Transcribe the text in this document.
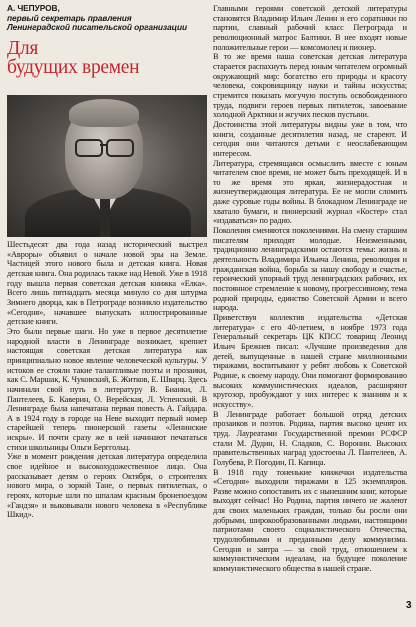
А. ЧЕПУРОВ,
первый секретарь правления
Ленинградской писательской организации
Для
будущих времен

Шестьдесят два года назад исторический выстрел «Авроры» объявил о начале новой эры на Земле. Частицей этого нового была и детская книга. Новая детская книга. Она родилась также над Невой. Уже в 1918 году вышла первая советская детская книжка «Елка». Всего лишь пятнадцать месяца минуло со дня штурма Зимнего дворца, как в Петрограде возникло издательство «Сегодня», начавшее выпускать иллюстрированные детские книги.

Это были первые шаги. Но уже в первое десятилетие народной власти в Ленинграде возникает, крепнет настоящая советская детская литература как принципиально новое явление человеческой культуры. У истоков ее стояли такие талантливые поэты и прозаики, как С. Маршак, К. Чуковский, Б. Житков, Е. Шварц. Здесь начинали свой путь в литературу В. Бианки, Л. Пантелеев, Б. Каверин, О. Верейская, Л. Успенский. В Ленинграде была напечатана первая повесть А. Гайдара. А в 1924 году в городе на Неве выходит первый номер старейшей теперь пионерской газеты «Ленинские искры». И почти сразу же в ней начинают печататься стихи школьницы Ольги Берггольц.

Уже в момент рождения детская литература определила свое идейное и высокохудожественное лицо. Она рассказывает детям о героях Октября, о строителях нового мира, о зоркой Тане, о первых пятилетках, о героях, которые шли по шпалам красным бронепоездом «Гандзя» и выковывали нового человека в «Республике Шкид».

Главными героями советской детской литературы становятся Владимир Ильич Ленин и его соратники по партии, славный рабочий класс Петрограда и революционный матрос Балтики. В нее входят новые положительные герои — комсомолец и пионер.

В то же время наша советская детская литература старается распахнуть перед юным читателем огромный окружающий мир: богатство его природы и красоту человека, сокровищницу науки и тайны искусства; стремится показать могучую поступь освобожденного труда, подвиги героев первых пятилеток, завоевание холодной Арктики и жгучих песков пустыни.

Достоинства этой литературы видны уже в том, что книги, созданные десятилетия назад, не стареют. И сегодня они читаются детьми с неослабевающим интересом.

Литература, стремящаяся осмыслить вместе с юным читателем свое время, не может быть преходящей. И в то же время это яркая, жизнерадостная и жизнеутверждающая литература. Ее не могли сломить даже суровые годы войны. В блокадном Ленинграде не хватало бумаги, и пионерский журнал «Костер» стал «издаваться» по радио.

Поколения сменяются поколениями. На смену старшим писателям приходят молодые. Неизменными, традиционно ленинградскими остаются темы: жизнь и деятельность Владимира Ильича Ленина, революция и гражданская война, борьба за нашу свободу и счастье, героический упорный труд ленинградских рабочих, их постоянное стремление к новому, прогрессивному, тема родной природы, единство Советской Армии и всего народа.

Приветствуя коллектив издательства «Детская литература» с его 40-летием, в ноябре 1973 года Генеральный секретарь ЦК КПСС товарищ Леонид Ильич Брежнев писал: «Лучшие произведения для детей, выпущенные в нашей стране миллионными тиражами, воспитывают у ребят любовь к Советской Родине, к своему народу. Они помогают формированию высоких коммунистических идеалов, расширяют кругозор, пробуждают у них интерес к знаниям и к искусству».

В Ленинграде работает большой отряд детских прозаиков и поэтов. Родина, партия высоко ценят их труд. Лауреатами Государственной премии РСФСР стали М. Дудин, Н. Сладков, С. Воронин. Высоких правительственных наград удостоены Л. Пантелеев, А. Голубева, Р. Погодин, П. Капица.

В 1918 году тоненькие книжечки издательства «Сегодня» выходили тиражами в 125 экземпляров. Разве можно сопоставить их с нынешним книг, которые выходят сейчас! Но Родина, партия ничего не жалеют для своих маленьких граждан, только бы росли они добрыми, широкообразованными людьми, настоящими патриотами своего социалистического Отечества, трудолюбивыми и преданными делу коммунизма. Сегодня и завтра — за свой труд, отношением к коммунистическим идеалам, на будущее поколение коммунистического общества в нашей стране.

3
